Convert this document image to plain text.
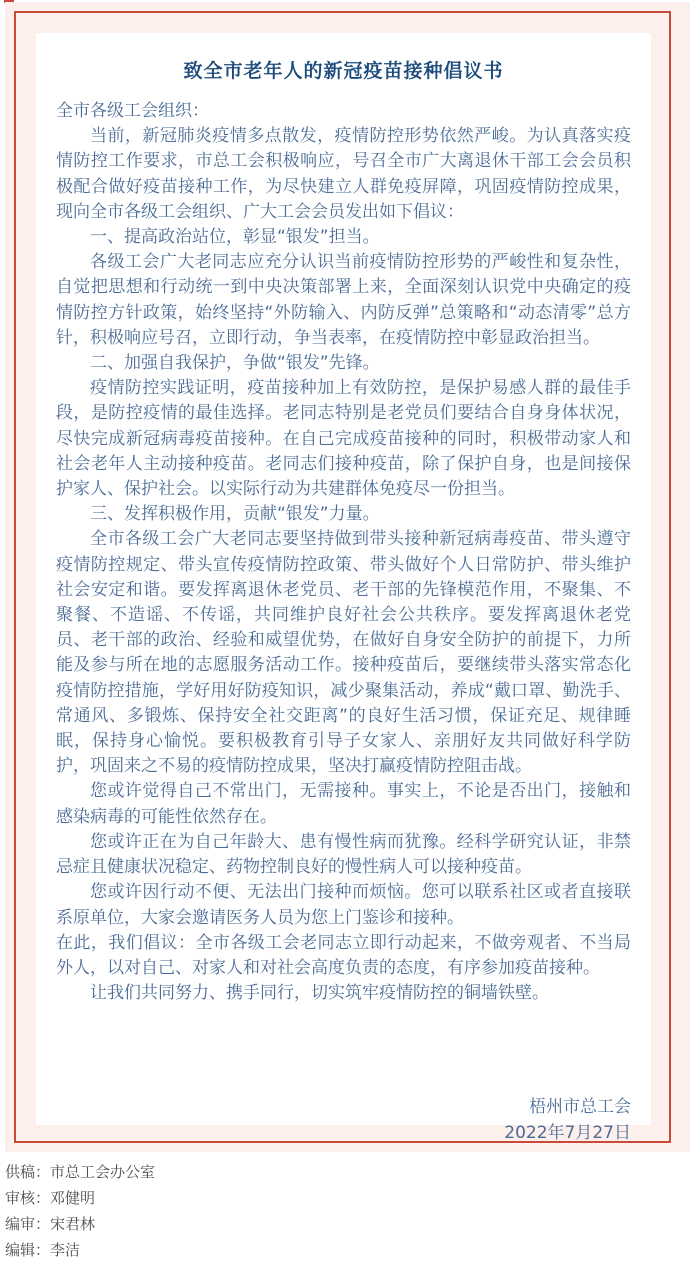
致全市老年人的新冠疫苗接种倡议书

全市各级工会组织：

当前，新冠肺炎疫情多点散发，疫情防控形势依然严峻。为认真落实疫情防控工作要求，市总工会积极响应，号召全市广大离退休干部工会会员积极配合做好疫苗接种工作，为尽快建立人群免疫屏障，巩固疫情防控成果，现向全市各级工会组织、广大工会会员发出如下倡议：

一、提高政治站位，彰显“银发”担当。

各级工会广大老同志应充分认识当前疫情防控形势的严峻性和复杂性，自觉把思想和行动统一到中央决策部署上来，全面深刻认识党中央确定的疫情防控方针政策，始终坚持“外防输入、内防反弹”总策略和“动态清零”总方针，积极响应号召，立即行动，争当表率，在疫情防控中彰显政治担当。

二、加强自我保护，争做“银发”先锋。

疫情防控实践证明，疫苗接种加上有效防控，是保护易感人群的最佳手段，是防控疫情的最佳选择。老同志特别是老党员们要结合自身身体状况，尽快完成新冠病毒疫苗接种。在自己完成疫苗接种的同时，积极带动家人和社会老年人主动接种疫苗。老同志们接种疫苗，除了保护自身，也是间接保护家人、保护社会。以实际行动为共建群体免疫尽一份担当。

三、发挥积极作用，贡献“银发”力量。

全市各级工会广大老同志要坚持做到带头接种新冠病毒疫苗、带头遵守疫情防控规定、带头宣传疫情防控政策、带头做好个人日常防护、带头维护社会安定和谐。要发挥离退休老党员、老干部的先锋模范作用，不聚集、不聚餐、不造谣、不传谣，共同维护良好社会公共秩序。要发挥离退休老党员、老干部的政治、经验和威望优势，在做好自身安全防护的前提下，力所能及参与所在地的志愿服务活动工作。接种疫苗后，要继续带头落实常态化疫情防控措施，学好用好防疫知识，减少聚集活动，养成“戴口罩、勤洗手、常通风、多锻炼、保持安全社交距离”的良好生活习惯，保证充足、规律睡眠，保持身心愉悦。要积极教育引导子女家人、亲朋好友共同做好科学防护，巩固来之不易的疫情防控成果，坚决打赢疫情防控阻击战。

您或许觉得自己不常出门，无需接种。事实上，不论是否出门，接触和感染病毒的可能性依然存在。

您或许正在为自己年龄大、患有慢性病而犹豫。经科学研究认证，非禁忌症且健康状况稳定、药物控制良好的慢性病人可以接种疫苗。

您或许因行动不便、无法出门接种而烦恼。您可以联系社区或者直接联系原单位，大家会邀请医务人员为您上门鉴诊和接种。

在此，我们倡议：全市各级工会老同志立即行动起来，不做旁观者、不当局外人，以对自己、对家人和对社会高度负责的态度，有序参加疫苗接种。

让我们共同努力、携手同行，切实筑牢疫情防控的铜墙铁壁。

梧州市总工会

2022年7月27日

供稿：市总工会办公室

审核：邓健明

编审：宋君林

编辑：李洁
